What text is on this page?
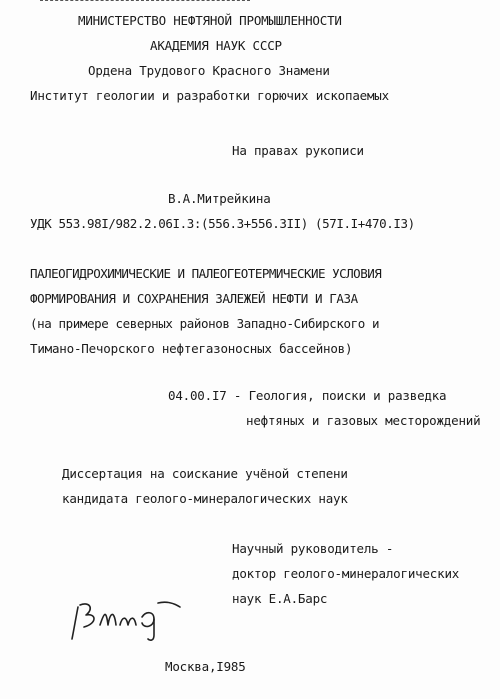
МИНИСТЕРСТВО НЕФТЯНОЙ ПРОМЫШЛЕННОСТИ
АКАДЕМИЯ НАУК СССР
Ордена Трудового Красного Знамени
Институт геологии и разработки горючих ископаемых
На правах рукописи
В.А.Митрейкина
УДК 553.98I/982.2.06I.3:(556.3+556.3II) (57I.I+470.I3)
ПАЛЕОГИДРОХИМИЧЕСКИЕ И ПАЛЕОГЕОТЕРМИЧЕСКИЕ УСЛОВИЯ
ФОРМИРОВАНИЯ И СОХРАНЕНИЯ ЗАЛЕЖЕЙ НЕФТИ И ГАЗА
(на примере северных районов Западно-Сибирского и
Тимано-Печорского нефтегазоносных бассейнов)
04.00.I7 - Геология, поиски и разведка
нефтяных и газовых месторождений
Диссертация на соискание учёной степени
кандидата геолого-минералогических наук
Научный руководитель -
доктор геолого-минералогических
наук Е.А.Барс
Москва,I985
